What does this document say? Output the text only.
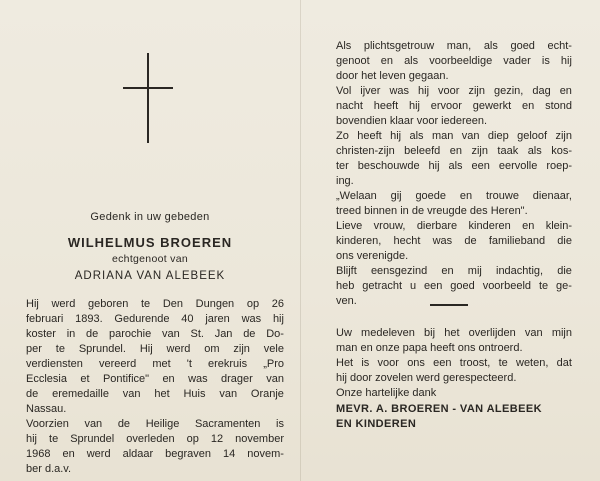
Gedenk in uw gebeden
WILHELMUS BROEREN
echtgenoot van
ADRIANA VAN ALEBEEK
Hij werd geboren te Den Dungen op 26
februari 1893. Gedurende 40 jaren was hij
koster in de parochie van St. Jan de Do-
per te Sprundel. Hij werd om zijn vele
verdiensten vereerd met 't erekruis „Pro
Ecclesia et Pontifice" en was drager van
de eremedaille van het Huis van Oranje
Nassau.
Voorzien van de Heilige Sacramenten is
hij te Sprundel overleden op 12 november
1968 en werd aldaar begraven 14 novem-
ber d.a.v.
Als plichtsgetrouw man, als goed echt-
genoot en als voorbeeldige vader is hij
door het leven gegaan.
Vol ijver was hij voor zijn gezin, dag en
nacht heeft hij ervoor gewerkt en stond
bovendien klaar voor iedereen.
Zo heeft hij als man van diep geloof zijn
christen-zijn beleefd en zijn taak als kos-
ter beschouwde hij als een eervolle roep-
ing.
„Welaan gij goede en trouwe dienaar,
treed binnen in de vreugde des Heren".
Lieve vrouw, dierbare kinderen en klein-
kinderen, hecht was de familieband die
ons verenigde.
Blijft eensgezind en mij indachtig, die
heb getracht u een goed voorbeeld te ge-
ven.
Uw medeleven bij het overlijden van mijn
man en onze papa heeft ons ontroerd.
Het is voor ons een troost, te weten, dat
hij door zovelen werd gerespecteerd.
Onze hartelijke dank
MEVR. A. BROEREN - VAN ALEBEEK
EN KINDEREN
